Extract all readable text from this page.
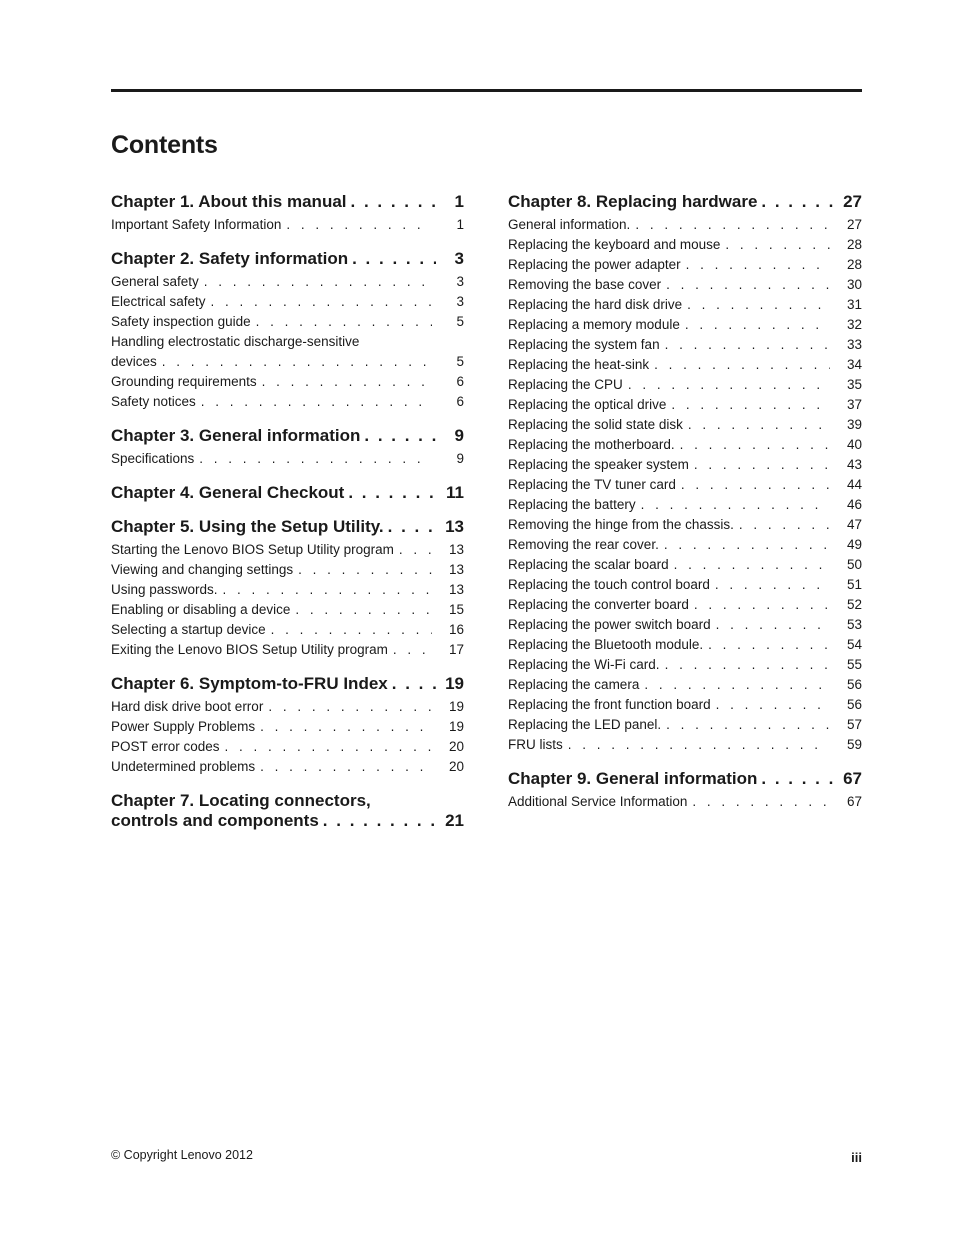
Contents
Chapter 1. About this manual . . .	1
Important Safety Information . . .	1
Chapter 2. Safety information . . .	3
General safety . . .	3
Electrical safety . . .	3
Safety inspection guide . . .	5
Handling electrostatic discharge-sensitive
devices . . .	5
Grounding requirements . . .	6
Safety notices . . .	6
Chapter 3. General information . . .	9
Specifications . . .	9
Chapter 4. General Checkout . . .	11
Chapter 5. Using the Setup Utility. . . .	13
Starting the Lenovo BIOS Setup Utility program . . .	13
Viewing and changing settings . . .	13
Using passwords. . . .	13
Enabling or disabling a device . . .	15
Selecting a startup device . . .	16
Exiting the Lenovo BIOS Setup Utility program . . .	17
Chapter 6. Symptom-to-FRU Index . . .	19
Hard disk drive boot error . . .	19
Power Supply Problems . . .	19
POST error codes . . .	20
Undetermined problems . . .	20
Chapter 7. Locating connectors,
controls and components . . .	21
Chapter 8. Replacing hardware . . .	27
General information. . . .	27
Replacing the keyboard and mouse . . .	28
Replacing the power adapter . . .	28
Removing the base cover . . .	30
Replacing the hard disk drive . . .	31
Replacing a memory module . . .	32
Replacing the system fan . . .	33
Replacing the heat-sink . . .	34
Replacing the CPU . . .	35
Replacing the optical drive . . .	37
Replacing the solid state disk . . .	39
Replacing the motherboard. . . .	40
Replacing the speaker system . . .	43
Replacing the TV tuner card . . .	44
Replacing the battery . . .	46
Removing the hinge from the chassis. . . .	47
Removing the rear cover. . . .	49
Replacing the scalar board . . .	50
Replacing the touch control board . . .	51
Replacing the converter board . . .	52
Replacing the power switch board . . .	53
Replacing the Bluetooth module. . . .	54
Replacing the Wi-Fi card. . . .	55
Replacing the camera . . .	56
Replacing the front function board . . .	56
Replacing the LED panel. . . .	57
FRU lists . . .	59
Chapter 9. General information . . .	67
Additional Service Information . . .	67
© Copyright Lenovo 2012	iii
